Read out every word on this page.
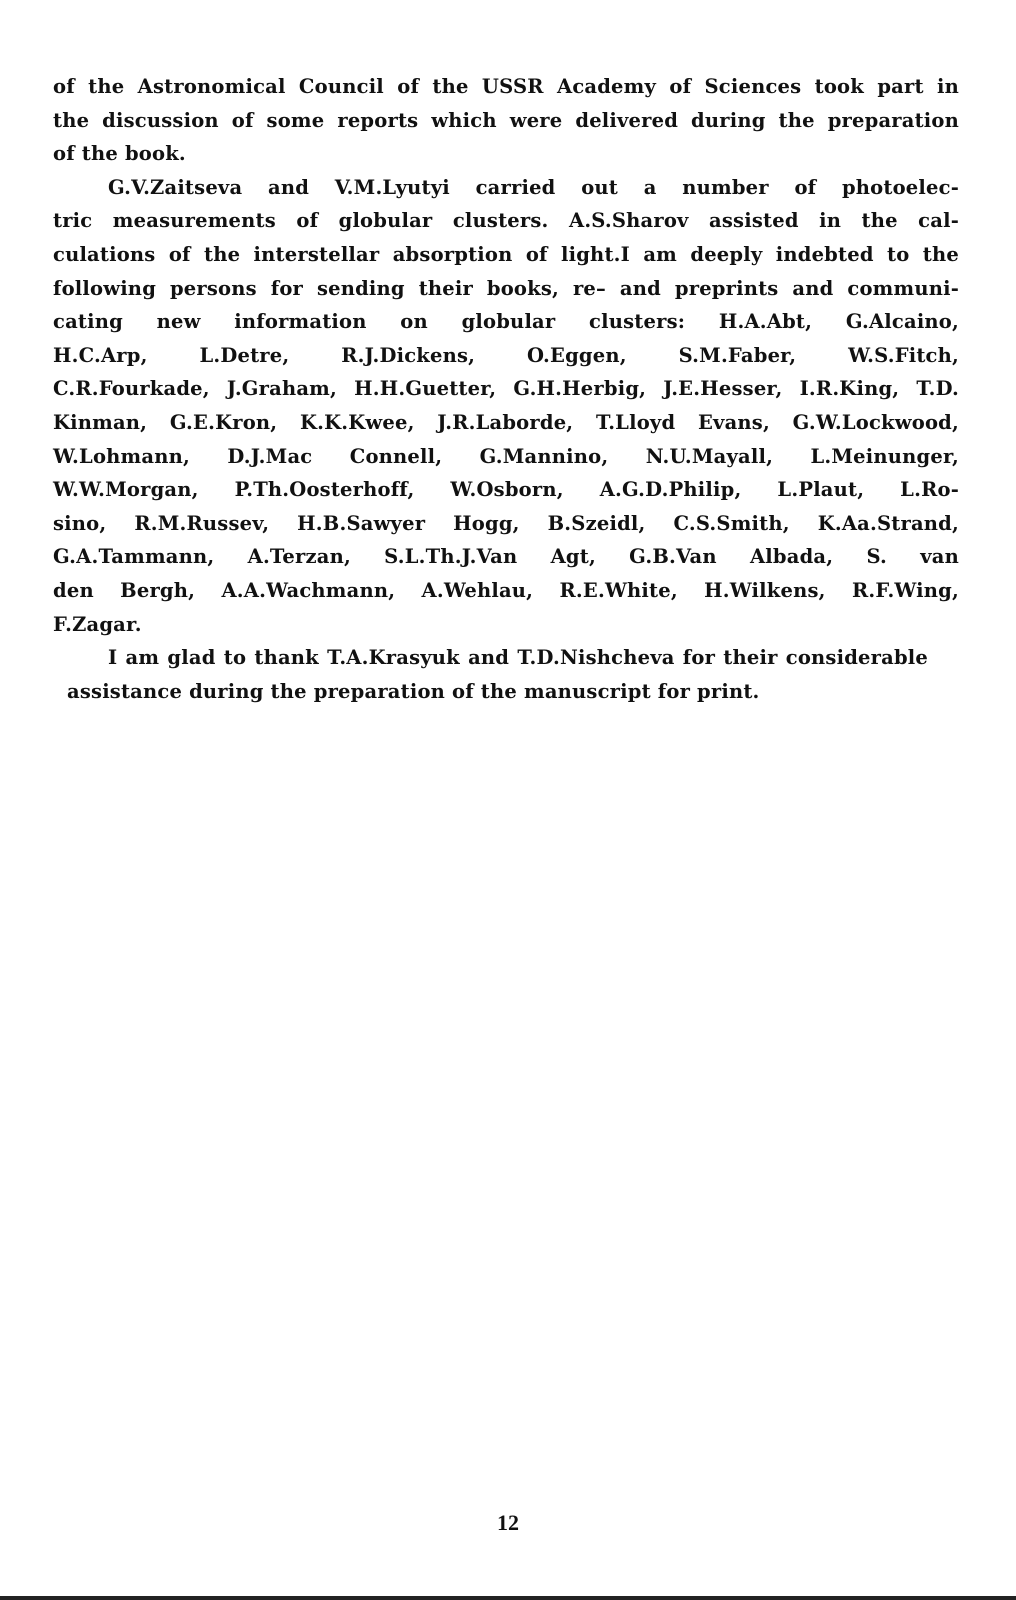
of the Astronomical Council of the USSR Academy of Sciences took part in
the discussion of some reports which were delivered during the preparation
of the book.
G.V.Zaitseva and V.M.Lyutyi carried out a number of photoelec-
tric measurements of globular clusters. A.S.Sharov assisted in the cal-
culations of the interstellar absorption of light.I am deeply indebted to the
following persons for sending their books, re– and preprints and communi-
cating new information on globular clusters: H.A.Abt, G.Alcaino,
H.C.Arp, L.Detre, R.J.Dickens, O.Eggen, S.M.Faber, W.S.Fitch,
C.R.Fourkade, J.Graham, H.H.Guetter, G.H.Herbig, J.E.Hesser, I.R.King, T.D.
Kinman, G.E.Kron, K.K.Kwee, J.R.Laborde, T.Lloyd Evans, G.W.Lockwood,
W.Lohmann, D.J.Mac Connell, G.Mannino, N.U.Mayall, L.Meinunger,
W.W.Morgan, P.Th.Oosterhoff, W.Osborn, A.G.D.Philip, L.Plaut, L.Ro-
sino, R.M.Russev, H.B.Sawyer Hogg, B.Szeidl, C.S.Smith, K.Aa.Strand,
G.A.Tammann, A.Terzan, S.L.Th.J.Van Agt, G.B.Van Albada, S. van
den Bergh, A.A.Wachmann, A.Wehlau, R.E.White, H.Wilkens, R.F.Wing,
F.Zagar.
I am glad to thank T.A.Krasyuk and T.D.Nishcheva for their considerable
assistance during the preparation of the manuscript for print.
12
